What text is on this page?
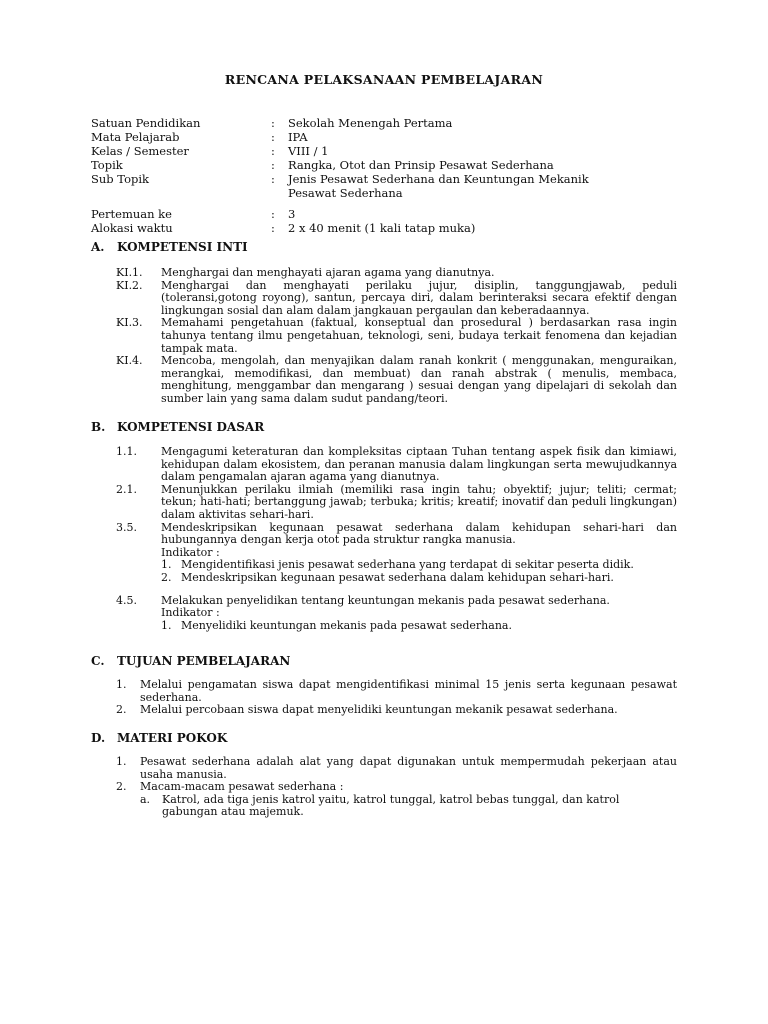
RENCANA PELAKSANAAN PEMBELAJARAN
Satuan Pendidikan	:	Sekolah Menengah Pertama
Mata Pelajarab	:	IPA
Kelas / Semester	:	VIII / 1
Topik	:	Rangka, Otot dan Prinsip Pesawat Sederhana
Sub Topik	:	Jenis Pesawat Sederhana dan Keuntungan Mekanik Pesawat Sederhana
Pertemuan ke	:	3
Alokasi waktu	:	2 x 40 menit (1 kali tatap muka)
A.	KOMPETENSI INTI
KI.1.	Menghargai dan menghayati ajaran agama yang dianutnya.
KI.2.	Menghargai dan menghayati perilaku jujur, disiplin, tanggungjawab, peduli (toleransi,gotong royong), santun, percaya diri, dalam berinteraksi secara efektif dengan lingkungan sosial dan alam dalam jangkauan pergaulan dan keberadaannya.
KI.3.	Memahami pengetahuan (faktual, konseptual dan prosedural ) berdasarkan rasa ingin tahunya tentang ilmu pengetahuan, teknologi, seni, budaya terkait fenomena dan kejadian tampak mata.
KI.4.	Mencoba, mengolah, dan menyajikan dalam ranah konkrit ( menggunakan, menguraikan, merangkai, memodifikasi, dan membuat) dan ranah abstrak ( menulis, membaca, menghitung, menggambar dan mengarang ) sesuai dengan yang dipelajari di sekolah dan sumber lain yang sama dalam sudut pandang/teori.
B. KOMPETENSI DASAR
1.1.	Mengagumi keteraturan dan kompleksitas ciptaan Tuhan tentang aspek fisik dan kimiawi, kehidupan dalam ekosistem, dan peranan manusia dalam lingkungan serta mewujudkannya dalam pengamalan ajaran agama yang dianutnya.
2.1.	Menunjukkan perilaku ilmiah (memiliki rasa ingin tahu; obyektif; jujur; teliti; cermat; tekun; hati-hati; bertanggung jawab; terbuka; kritis; kreatif; inovatif dan peduli lingkungan) dalam aktivitas sehari-hari.
3.5.	Mendeskripsikan kegunaan pesawat sederhana dalam kehidupan sehari-hari dan hubungannya dengan kerja otot pada struktur rangka manusia.
Indikator :
1. Mengidentifikasi jenis pesawat sederhana yang terdapat di sekitar peserta didik.
2. Mendeskripsikan kegunaan pesawat sederhana dalam kehidupan sehari-hari.
4.5.	Melakukan penyelidikan tentang keuntungan mekanis pada pesawat sederhana.
Indikator :
1. Menyelidiki keuntungan mekanis pada pesawat sederhana.
C.	TUJUAN PEMBELAJARAN
1.	Melalui pengamatan siswa dapat mengidentifikasi minimal 15 jenis serta kegunaan pesawat sederhana.
2.	Melalui percobaan siswa dapat menyelidiki keuntungan mekanik pesawat sederhana.
D. MATERI POKOK
1.	Pesawat sederhana adalah alat yang dapat digunakan untuk mempermudah pekerjaan atau usaha manusia.
2.	Macam-macam pesawat sederhana :
a.	Katrol, ada tiga jenis katrol yaitu, katrol tunggal, katrol bebas tunggal, dan katrol gabungan atau majemuk.
